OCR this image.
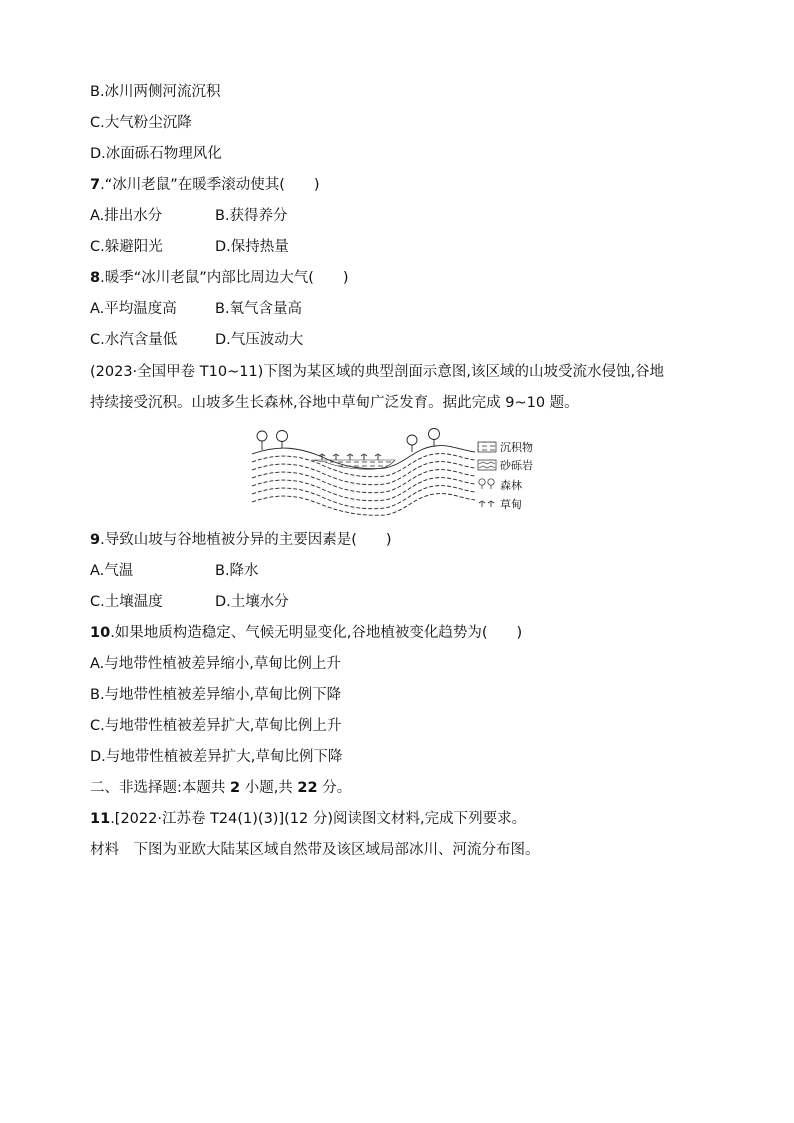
B.冰川两侧河流沉积
C.大气粉尘沉降
D.冰面砾石物理风化
7.“冰川老鼠”在暖季滚动使其(　　)
A.排出水分	B.获得养分
C.躲避阳光	D.保持热量
8.暖季“冰川老鼠”内部比周边大气(　　)
A.平均温度高	B.氧气含量高
C.水汽含量低	D.气压波动大
(2023·全国甲卷 T10~11)下图为某区域的典型剖面示意图,该区域的山坡受流水侵蚀,谷地
持续接受沉积。山坡多生长森林,谷地中草甸广泛发育。据此完成 9~10 题。
沉积物
砂砾岩
森林
草甸
9.导致山坡与谷地植被分异的主要因素是(　　)
A.气温	B.降水
C.土壤温度	D.土壤水分
10.如果地质构造稳定、气候无明显变化,谷地植被变化趋势为(　　)
A.与地带性植被差异缩小,草甸比例上升
B.与地带性植被差异缩小,草甸比例下降
C.与地带性植被差异扩大,草甸比例上升
D.与地带性植被差异扩大,草甸比例下降
二、非选择题:本题共 2 小题,共 22 分。
11.[2022·江苏卷 T24(1)(3)](12 分)阅读图文材料,完成下列要求。
材料　下图为亚欧大陆某区域自然带及该区域局部冰川、河流分布图。
